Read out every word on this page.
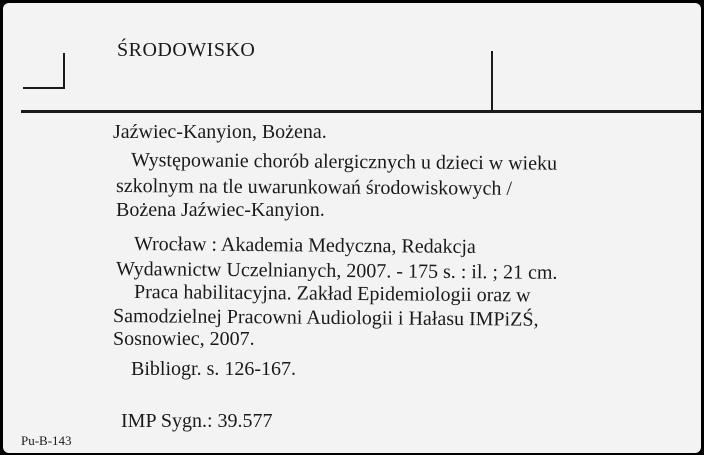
ŚRODOWISKO
Jaźwiec-Kanyion, Bożena.
Występowanie chorób alergicznych u dzieci w wieku
szkolnym na tle uwarunkowań środowiskowych /
Bożena Jaźwiec-Kanyion.
Wrocław : Akademia Medyczna, Redakcja
Wydawnictw Uczelnianych, 2007. - 175 s. : il. ; 21 cm.
Praca habilitacyjna. Zakład Epidemiologii oraz w
Samodzielnej Pracowni Audiologii i Hałasu IMPiZŚ,
Sosnowiec, 2007.
Bibliogr. s. 126-167.
IMP Sygn.: 39.577
Pu-B-143
